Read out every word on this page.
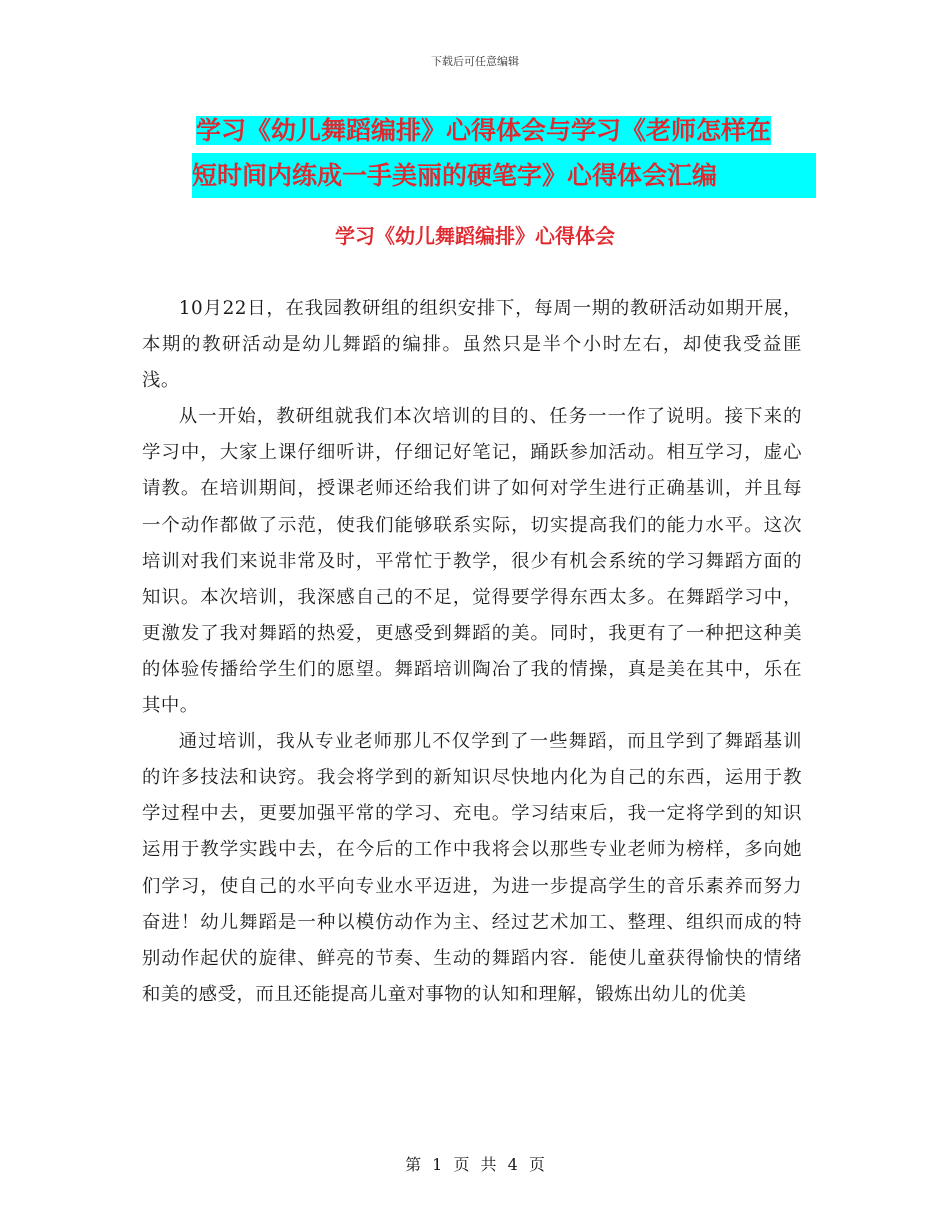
下载后可任意编辑
学习《幼儿舞蹈编排》心得体会与学习《老师怎样在
短时间内练成一手美丽的硬笔字》心得体会汇编
学习《幼儿舞蹈编排》心得体会

10月22日，在我园教研组的组织安排下，每周一期的教研活动如期开展，本期的教研活动是幼儿舞蹈的编排。虽然只是半个小时左右，却使我受益匪浅。

从一开始，教研组就我们本次培训的目的、任务一一作了说明。接下来的学习中，大家上课仔细听讲，仔细记好笔记，踊跃参加活动。相互学习，虚心请教。在培训期间，授课老师还给我们讲了如何对学生进行正确基训，并且每一个动作都做了示范，使我们能够联系实际，切实提高我们的能力水平。这次培训对我们来说非常及时，平常忙于教学，很少有机会系统的学习舞蹈方面的知识。本次培训，我深感自己的不足，觉得要学得东西太多。在舞蹈学习中，更激发了我对舞蹈的热爱，更感受到舞蹈的美。同时，我更有了一种把这种美的体验传播给学生们的愿望。舞蹈培训陶冶了我的情操，真是美在其中，乐在其中。

通过培训，我从专业老师那儿不仅学到了一些舞蹈，而且学到了舞蹈基训的许多技法和诀窍。我会将学到的新知识尽快地内化为自己的东西，运用于教学过程中去，更要加强平常的学习、充电。学习结束后，我一定将学到的知识运用于教学实践中去，在今后的工作中我将会以那些专业老师为榜样，多向她们学习，使自己的水平向专业水平迈进，为进一步提高学生的音乐素养而努力奋进！幼儿舞蹈是一种以模仿动作为主、经过艺术加工、整理、组织而成的特别动作起伏的旋律、鲜亮的节奏、生动的舞蹈内容．能使儿童获得愉快的情绪和美的感受，而且还能提高儿童对事物的认知和理解，锻炼出幼儿的优美

第 1 页 共 4 页
